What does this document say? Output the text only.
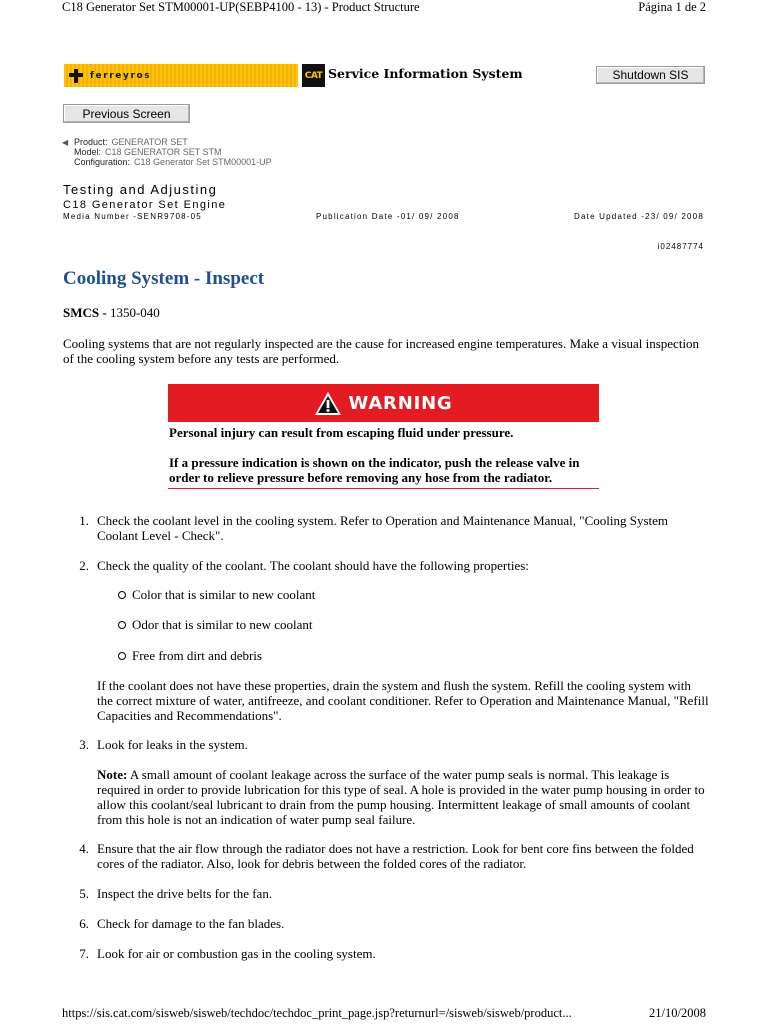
C18 Generator Set STM00001-UP(SEBP4100 - 13) - Product Structure	Página 1 de 2
ferreyros	CAT Service Information System	Shutdown SIS
Previous Screen
◀ Product: GENERATOR SET
Model: C18 GENERATOR SET STM
Configuration: C18 Generator Set STM00001-UP
Testing and Adjusting
C18 Generator Set Engine
Media Number -SENR9708-05	Publication Date -01/ 09/ 2008	Date Updated -23/ 09/ 2008
i02487774
Cooling System - Inspect
SMCS - 1350-040
Cooling systems that are not regularly inspected are the cause for increased engine temperatures. Make a visual inspection of the cooling system before any tests are performed.
WARNING
Personal injury can result from escaping fluid under pressure.
If a pressure indication is shown on the indicator, push the release valve in order to relieve pressure before removing any hose from the radiator.
1. Check the coolant level in the cooling system. Refer to Operation and Maintenance Manual, "Cooling System Coolant Level - Check".
2. Check the quality of the coolant. The coolant should have the following properties:
Color that is similar to new coolant
Odor that is similar to new coolant
Free from dirt and debris
If the coolant does not have these properties, drain the system and flush the system. Refill the cooling system with the correct mixture of water, antifreeze, and coolant conditioner. Refer to Operation and Maintenance Manual, "Refill Capacities and Recommendations".
3. Look for leaks in the system.
Note: A small amount of coolant leakage across the surface of the water pump seals is normal. This leakage is required in order to provide lubrication for this type of seal. A hole is provided in the water pump housing in order to allow this coolant/seal lubricant to drain from the pump housing. Intermittent leakage of small amounts of coolant from this hole is not an indication of water pump seal failure.
4. Ensure that the air flow through the radiator does not have a restriction. Look for bent core fins between the folded cores of the radiator. Also, look for debris between the folded cores of the radiator.
5. Inspect the drive belts for the fan.
6. Check for damage to the fan blades.
7. Look for air or combustion gas in the cooling system.
https://sis.cat.com/sisweb/sisweb/techdoc/techdoc_print_page.jsp?returnurl=/sisweb/sisweb/product...	21/10/2008
